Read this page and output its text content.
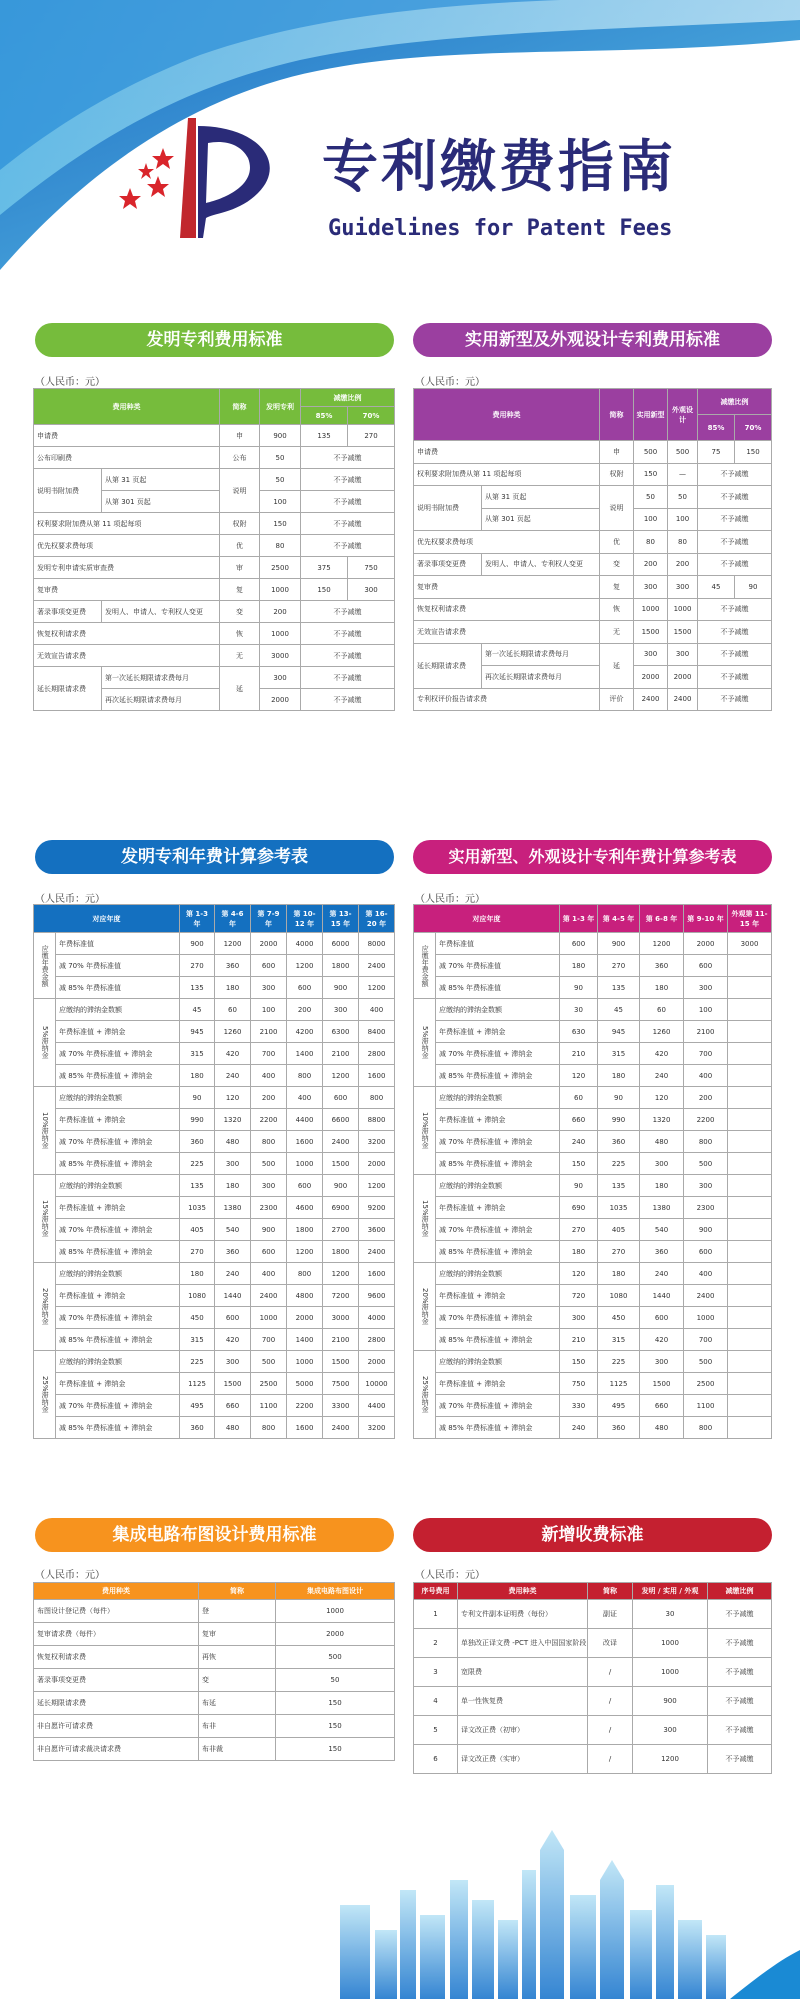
专利缴费指南
Guidelines for Patent Fees
发明专利费用标准
（人民币：元）
费用种类		简称	发明专利	减缴比例	
				85%	70%
申请费		申	900	135	270
公布印刷费		公布	50	不予减缴	
说明书附加费	从第 31 页起	说明	50	不予减缴	
	从第 301 页起		100	不予减缴	
权利要求附加费从第 11 项起每项		权附	150	不予减缴	
优先权要求费每项		优	80	不予减缴	
发明专利申请实质审查费		审	2500	375	750
复审费		复	1000	150	300
著录事项变更费	发明人、申请人、专利权人变更	变	200	不予减缴	
恢复权利请求费		恢	1000	不予减缴	
无效宣告请求费		无	3000	不予减缴	
延长期限请求费	第一次延长期限请求费每月	延	300	不予减缴	
	再次延长期限请求费每月		2000	不予减缴	
实用新型及外观设计专利费用标准
（人民币：元）
费用种类		简称	实用新型	外观设计	减缴比例	
					85%	70%
申请费		申	500	500	75	150
权利要求附加费从第 11 项起每项		权附	150	—	不予减缴	
说明书附加费	从第 31 页起	说明	50	50	不予减缴	
	从第 301 页起		100	100	不予减缴	
优先权要求费每项		优	80	80	不予减缴	
著录事项变更费	发明人、申请人、专利权人变更	变	200	200	不予减缴	
复审费		复	300	300	45	90
恢复权利请求费		恢	1000	1000	不予减缴	
无效宣告请求费		无	1500	1500	不予减缴	
延长期限请求费	第一次延长期限请求费每月	延	300	300	不予减缴	
	再次延长期限请求费每月		2000	2000	不予减缴	
专利权评价报告请求费		评价	2400	2400	不予减缴	
发明专利年费计算参考表
（人民币：元）
对应年度		第 1-3 年	第 4-6 年	第 7-9 年	第 10-12 年	第 13-15 年	第 16-20 年
应缴年费金额	年费标准值	900	1200	2000	4000	6000	8000
	减 70% 年费标准值	270	360	600	1200	1800	2400
	减 85% 年费标准值	135	180	300	600	900	1200
5%滞纳金	应缴纳的滞纳金数额	45	60	100	200	300	400
	年费标准值 + 滞纳金	945	1260	2100	4200	6300	8400
	减 70% 年费标准值 + 滞纳金	315	420	700	1400	2100	2800
	减 85% 年费标准值 + 滞纳金	180	240	400	800	1200	1600
10%滞纳金	应缴纳的滞纳金数额	90	120	200	400	600	800
	年费标准值 + 滞纳金	990	1320	2200	4400	6600	8800
	减 70% 年费标准值 + 滞纳金	360	480	800	1600	2400	3200
	减 85% 年费标准值 + 滞纳金	225	300	500	1000	1500	2000
15%滞纳金	应缴纳的滞纳金数额	135	180	300	600	900	1200
	年费标准值 + 滞纳金	1035	1380	2300	4600	6900	9200
	减 70% 年费标准值 + 滞纳金	405	540	900	1800	2700	3600
	减 85% 年费标准值 + 滞纳金	270	360	600	1200	1800	2400
20%滞纳金	应缴纳的滞纳金数额	180	240	400	800	1200	1600
	年费标准值 + 滞纳金	1080	1440	2400	4800	7200	9600
	减 70% 年费标准值 + 滞纳金	450	600	1000	2000	3000	4000
	减 85% 年费标准值 + 滞纳金	315	420	700	1400	2100	2800
25%滞纳金	应缴纳的滞纳金数额	225	300	500	1000	1500	2000
	年费标准值 + 滞纳金	1125	1500	2500	5000	7500	10000
	减 70% 年费标准值 + 滞纳金	495	660	1100	2200	3300	4400
	减 85% 年费标准值 + 滞纳金	360	480	800	1600	2400	3200
实用新型、外观设计专利年费计算参考表
（人民币：元）
对应年度		第 1-3 年	第 4-5 年	第 6-8 年	第 9-10 年	外观第 11-15 年
应缴年费金额	年费标准值	600	900	1200	2000	3000
	减 70% 年费标准值	180	270	360	600	
	减 85% 年费标准值	90	135	180	300	
5%滞纳金	应缴纳的滞纳金数额	30	45	60	100	
	年费标准值 + 滞纳金	630	945	1260	2100	
	减 70% 年费标准值 + 滞纳金	210	315	420	700	
	减 85% 年费标准值 + 滞纳金	120	180	240	400	
10%滞纳金	应缴纳的滞纳金数额	60	90	120	200	
	年费标准值 + 滞纳金	660	990	1320	2200	
	减 70% 年费标准值 + 滞纳金	240	360	480	800	
	减 85% 年费标准值 + 滞纳金	150	225	300	500	
15%滞纳金	应缴纳的滞纳金数额	90	135	180	300	
	年费标准值 + 滞纳金	690	1035	1380	2300	
	减 70% 年费标准值 + 滞纳金	270	405	540	900	
	减 85% 年费标准值 + 滞纳金	180	270	360	600	
20%滞纳金	应缴纳的滞纳金数额	120	180	240	400	
	年费标准值 + 滞纳金	720	1080	1440	2400	
	减 70% 年费标准值 + 滞纳金	300	450	600	1000	
	减 85% 年费标准值 + 滞纳金	210	315	420	700	
25%滞纳金	应缴纳的滞纳金数额	150	225	300	500	
	年费标准值 + 滞纳金	750	1125	1500	2500	
	减 70% 年费标准值 + 滞纳金	330	495	660	1100	
	减 85% 年费标准值 + 滞纳金	240	360	480	800	
集成电路布图设计费用标准
（人民币：元）
费用种类	简称	集成电路布图设计
布图设计登记费（每件）	登	1000
复审请求费（每件）	复审	2000
恢复权利请求费	再恢	500
著录事项变更费	变	50
延长期限请求费	布延	150
非自愿许可请求费	布非	150
非自愿许可请求裁决请求费	布非裁	150
新增收费标准
（人民币：元）
序号费用	费用种类	简称	发明 / 实用 / 外观	减缴比例
1	专利文件副本证明费（每份）	副证	30	不予减缴
2	单独改正译文费 -PCT 进入中国国家阶段	改译	1000	不予减缴
3	宽限费	/	1000	不予减缴
4	单一性恢复费	/	900	不予减缴
5	译文改正费（初审）	/	300	不予减缴
6	译文改正费（实审）	/	1200	不予减缴
